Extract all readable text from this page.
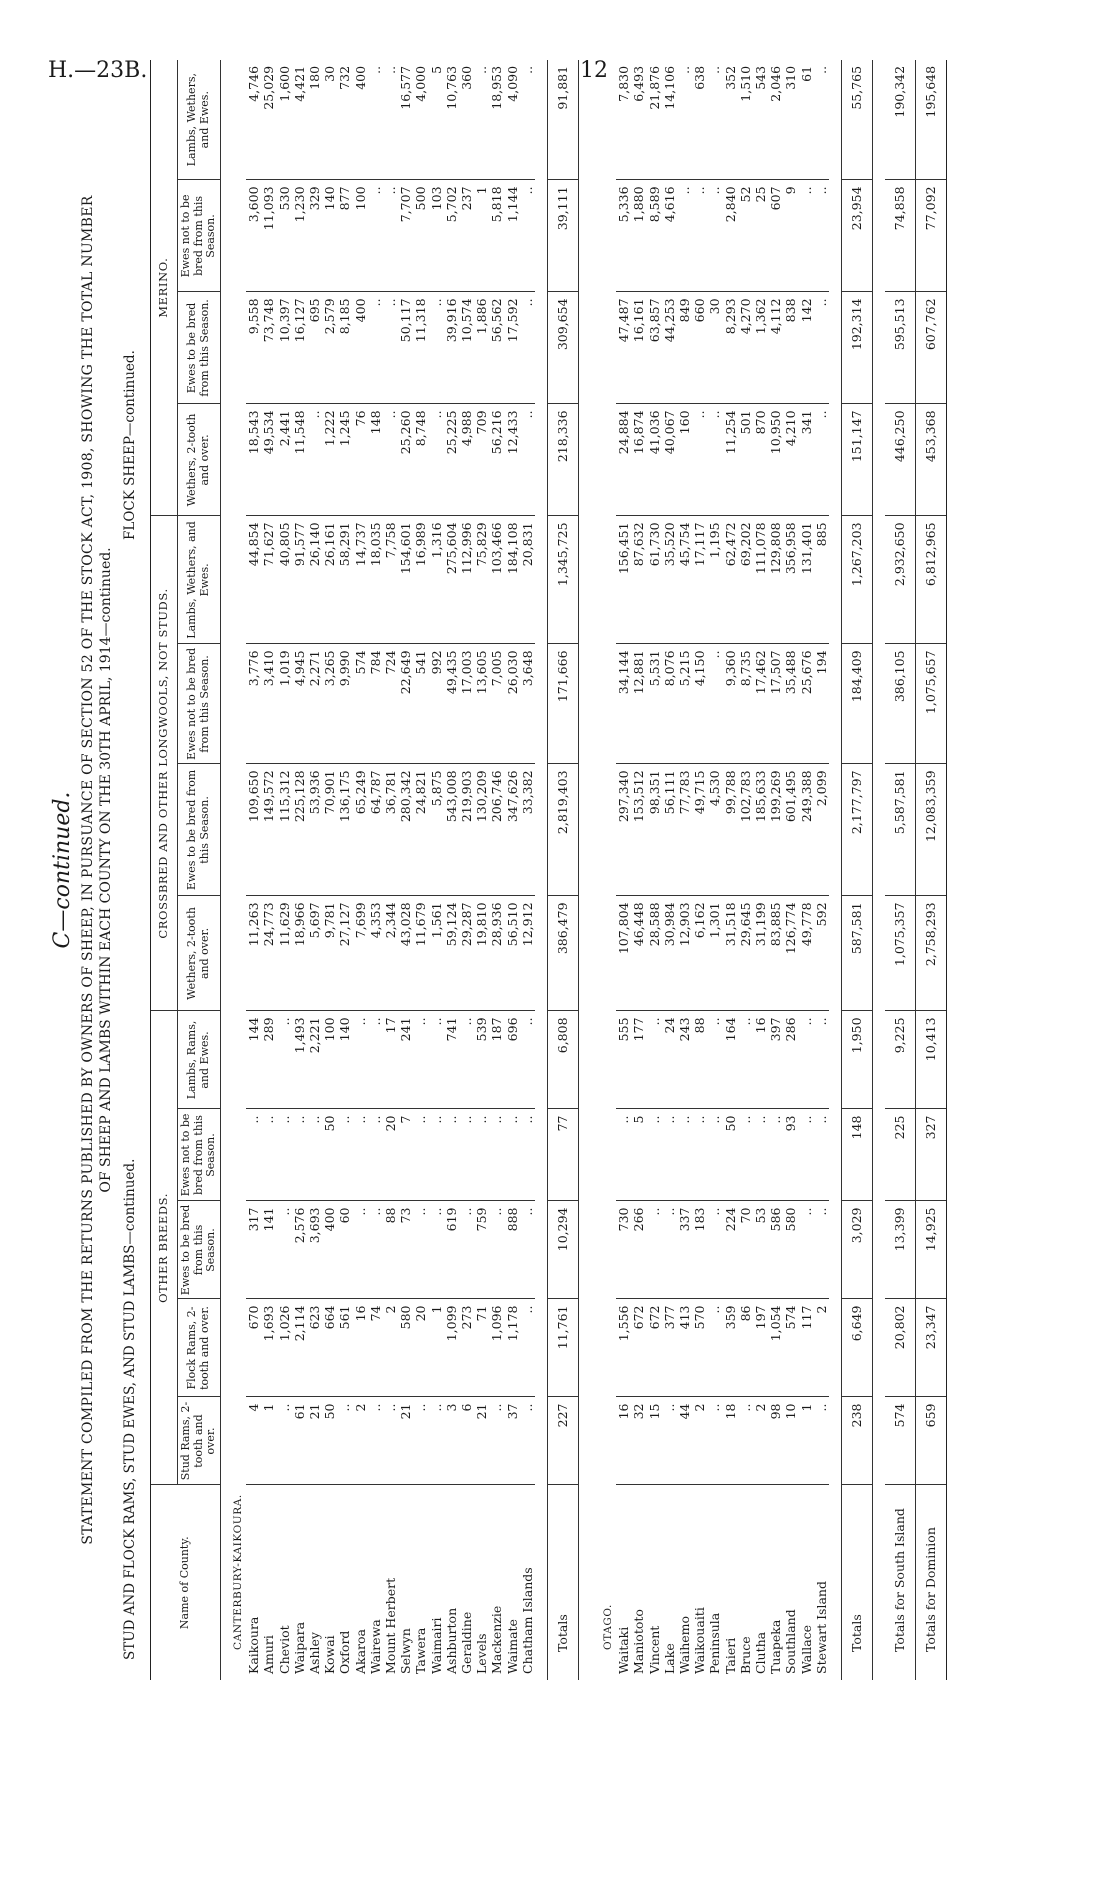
H.—23B.	12
C—continued. STATEMENT COMPILED FROM THE RETURNS PUBLISHED BY OWNERS OF SHEEP, IN PURSUANCE OF SECTION 52 OF THE STOCK ACT, 1908, SHOWING THE TOTAL NUMBER OF SHEEP AND LAMBS WITHIN EACH COUNTY ON THE 30TH APRIL, 1914—continued.
STUD AND FLOCK RAMS, STUD EWES, AND STUD LAMBS—continued.
FLOCK SHEEP—continued.
Name of County.	OTHER BREEDS.					CROSSBRED AND OTHER LONGWOOLS, NOT STUDS.				MERINO.			
	Stud Rams, 2-tooth and over.	Flock Rams, 2-tooth and over.	Ewes to be bred from this Season.	Ewes not to be bred from this Season.	Lambs, Rams, and Ewes.	Wethers, 2-tooth and over.	Ewes to be bred from this Season.	Ewes not to be bred from this Season.	Lambs, Wethers, and Ewes.	Wethers, 2-tooth and over.	Ewes to be bred from this Season.	Ewes not to be bred from this Season.	Lambs, Wethers, and Ewes.
CANTERBURY-KAIKOURA.													
Kaikoura	4	670	317	..	144	11,263	109,650	3,776	44,854	18,543	9,558	3,600	4,746
Amuri	1	1,693	141	..	289	24,773	149,572	3,410	71,627	49,534	73,748	11,093	25,029
Cheviot	..	1,026	..	..	..	11,629	115,312	1,019	40,805	2,441	10,397	530	1,600
Waipara	61	2,114	2,576	..	1,493	18,966	225,128	4,945	91,577	11,548	16,127	1,230	4,421
Ashley	21	623	3,693	..	2,221	5,697	53,936	2,271	26,140	..	695	329	180
Kowai	50	664	400	50	100	9,781	70,901	3,265	26,161	1,222	2,579	140	30
Oxford	..	561	60	..	140	27,127	136,175	9,990	58,291	1,245	8,185	877	732
Akaroa	2	16	..	..	..	7,699	65,249	574	14,737	76	400	100	400
Wairewa	..	74	..	..	..	4,353	64,787	784	18,035	148	..	..	..
Mount Herbert	..	2	88	20	17	2,344	36,781	724	7,758	..	..	..	..
Selwyn	21	580	73	7	241	43,028	280,342	22,649	154,601	25,260	50,117	7,707	16,577
Tawera	..	20	..	..	..	11,679	24,821	541	16,989	8,748	11,318	500	4,000
Waimairi	..	1	..	..	..	1,561	5,875	992	1,316	..	..	103	5
Ashburton	3	1,099	619	..	741	59,124	543,008	49,435	275,604	25,225	39,916	5,702	10,763
Geraldine	6	273	..	..	..	29,287	219,903	17,003	112,996	4,988	10,574	237	360
Levels	21	71	759	..	539	19,810	130,209	13,605	75,829	709	1,886	1	..
Mackenzie	..	1,096	..	..	187	28,936	206,746	7,005	103,466	56,216	56,562	5,818	18,953
Waimate	37	1,178	888	..	696	56,510	347,626	26,030	184,108	12,433	17,592	1,144	4,090
Chatham Islands	..	..	..	..	..	12,912	33,382	3,648	20,831	..	..	..	..

Totals	227	11,761	10,294	77	6,808	386,479	2,819,403	171,666	1,345,725	218,336	309,654	39,111	91,881

OTAGO.													
Waitaki	16	1,556	730	..	555	107,804	297,340	34,144	156,451	24,884	47,487	5,336	7,830
Maniototo	32	672	266	5	177	46,448	153,512	12,881	87,632	16,874	16,161	1,880	6,493
Vincent	15	672	..	..	..	28,588	98,351	5,531	61,730	41,036	63,857	8,589	21,876
Lake	..	377	..	..	24	30,984	56,111	8,076	35,520	40,067	44,253	4,616	14,106
Waihemo	44	413	337	..	243	12,903	77,783	5,215	45,754	160	849	..	..
Waikouaiti	2	570	183	..	88	6,162	49,715	4,150	17,117	..	660	..	638
Peninsula	..	..	..	..	..	1,301	4,530	..	1,195	..	30	..	..
Taieri	18	359	224	50	164	31,518	99,788	9,360	62,472	11,254	8,293	2,840	352
Bruce	..	86	70	..	..	29,645	102,783	8,735	69,202	501	4,270	52	1,510
Clutha	2	197	53	..	16	31,199	185,633	17,462	111,078	870	1,362	25	543
Tuapeka	98	1,054	586	..	397	83,885	199,269	17,507	129,808	10,950	4,112	607	2,046
Southland	10	574	580	93	286	126,774	601,495	35,488	356,958	4,210	838	9	310
Wallace	1	117	..	..	..	49,778	249,388	25,676	131,401	341	142	..	61
Stewart Island	..	2	..	..	..	592	2,099	194	885	..	..	..	..

Totals	238	6,649	3,029	148	1,950	587,581	2,177,797	184,409	1,267,203	151,147	192,314	23,954	55,765

Totals for South Island	574	20,802	13,399	225	9,225	1,075,357	5,587,581	386,105	2,932,650	446,250	595,513	74,858	190,342
Totals for Dominion	659	23,347	14,925	327	10,413	2,758,293	12,083,359	1,075,657	6,812,965	453,368	607,762	77,092	195,648
